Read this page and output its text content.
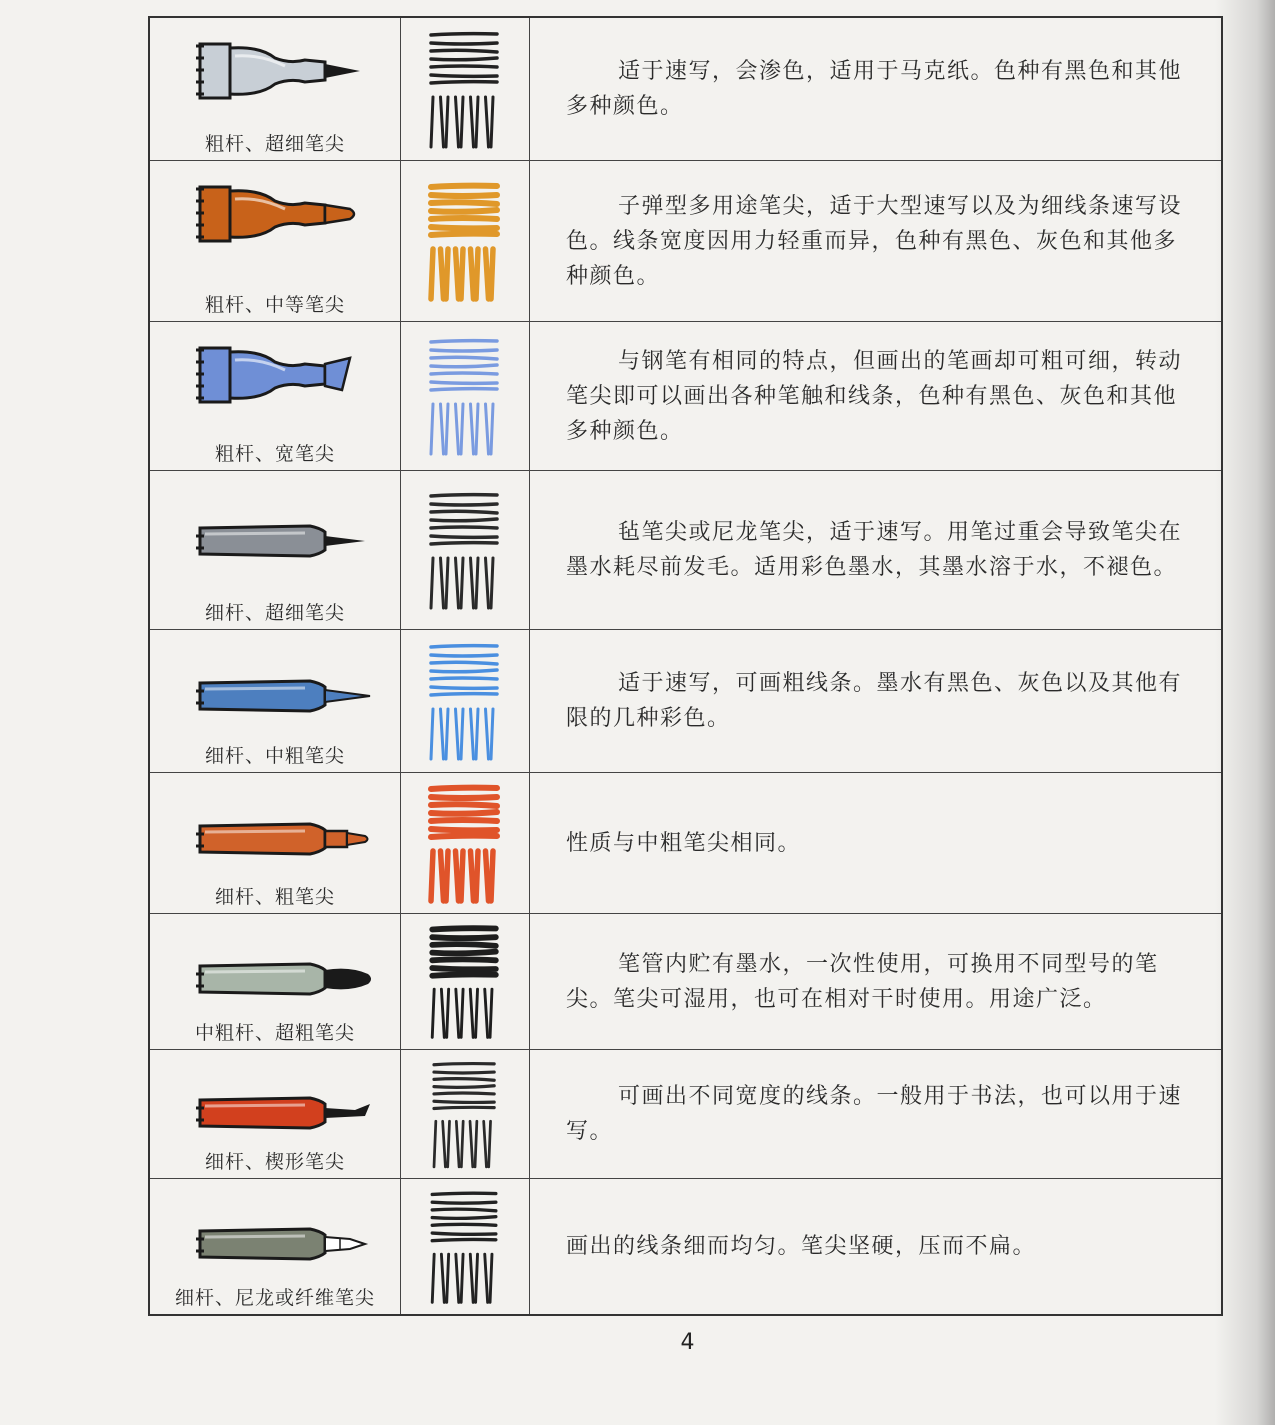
粗杆、超细笔尖		适于速写，会渗色，适用于马克纸。色种有黑色和其他多种颜色。

粗杆、中等笔尖		子弹型多用途笔尖，适于大型速写以及为细线条速写设色。线条宽度因用力轻重而异，色种有黑色、灰色和其他多种颜色。

粗杆、宽笔尖		与钢笔有相同的特点，但画出的笔画却可粗可细，转动笔尖即可以画出各种笔触和线条，色种有黑色、灰色和其他多种颜色。

细杆、超细笔尖		毡笔尖或尼龙笔尖，适于速写。用笔过重会导致笔尖在墨水耗尽前发毛。适用彩色墨水，其墨水溶于水，不褪色。

细杆、中粗笔尖		适于速写，可画粗线条。墨水有黑色、灰色以及其他有限的几种彩色。

细杆、粗笔尖		性质与中粗笔尖相同。

中粗杆、超粗笔尖		笔管内贮有墨水，一次性使用，可换用不同型号的笔尖。笔尖可湿用，也可在相对干时使用。用途广泛。

细杆、楔形笔尖		可画出不同宽度的线条。一般用于书法，也可以用于速写。

细杆、尼龙或纤维笔尖		画出的线条细而均匀。笔尖坚硬，压而不扁。
4
